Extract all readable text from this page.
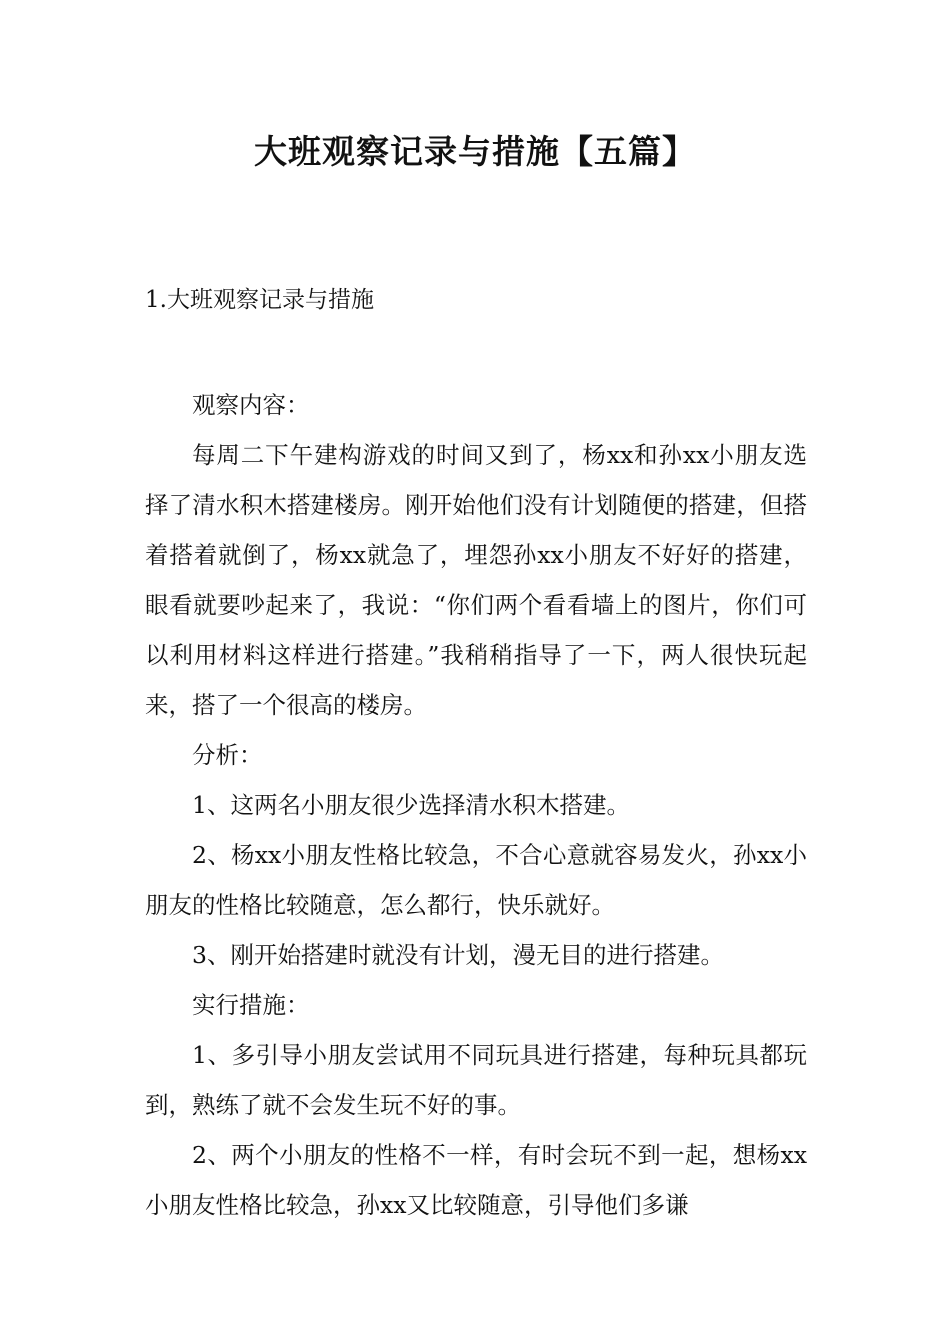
大班观察记录与措施【五篇】
1.大班观察记录与措施

观察内容：

每周二下午建构游戏的时间又到了，杨xx和孙xx小朋友选择了清水积木搭建楼房。刚开始他们没有计划随便的搭建，但搭着搭着就倒了，杨xx就急了，埋怨孙xx小朋友不好好的搭建，眼看就要吵起来了，我说：“你们两个看看墙上的图片，你们可以利用材料这样进行搭建。”我稍稍指导了一下，两人很快玩起来，搭了一个很高的楼房。

分析：

1、这两名小朋友很少选择清水积木搭建。

2、杨xx小朋友性格比较急，不合心意就容易发火，孙xx小朋友的性格比较随意，怎么都行，快乐就好。

3、刚开始搭建时就没有计划，漫无目的进行搭建。

实行措施：

1、多引导小朋友尝试用不同玩具进行搭建，每种玩具都玩到，熟练了就不会发生玩不好的事。

2、两个小朋友的性格不一样，有时会玩不到一起，想杨xx小朋友性格比较急，孙xx又比较随意，引导他们多谦
